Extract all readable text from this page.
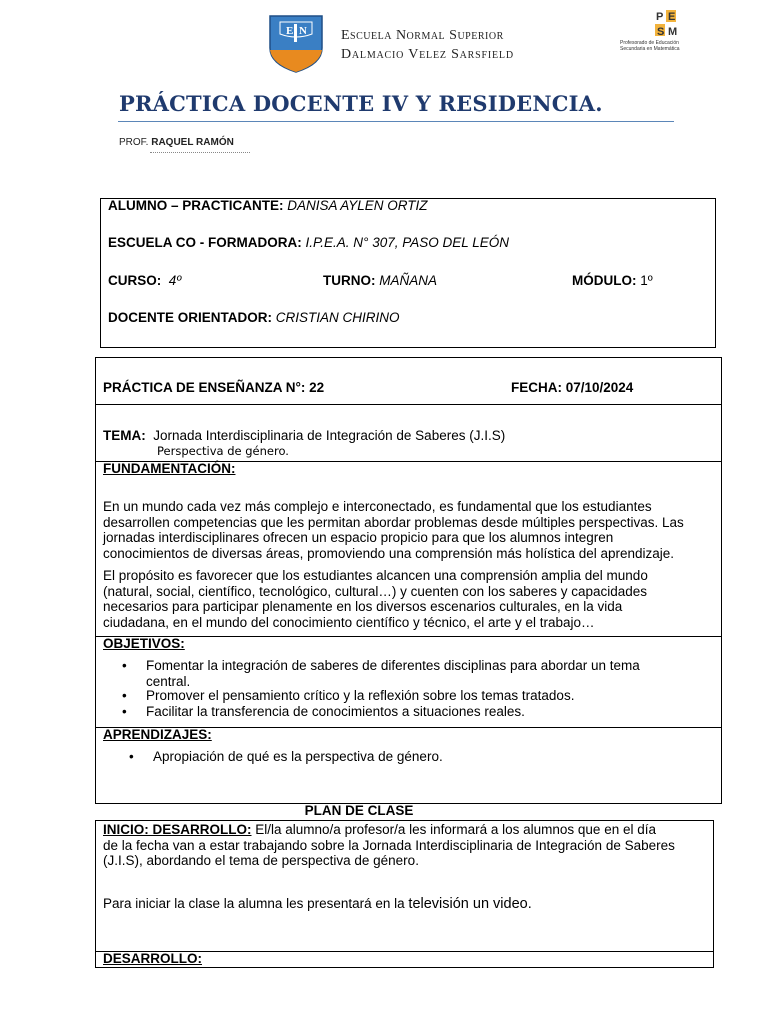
E N Escuela Normal Superior
Dalmacio Velez Sarsfield
P E
S M
Profesorado de Educación Secundaria en Matemática
PRÁCTICA DOCENTE IV Y RESIDENCIA.
PROF. RAQUEL RAMÓN
ALUMNO – PRACTICANTE: DANISA AYLEN ORTIZ
ESCUELA CO - FORMADORA: I.P.E.A. N° 307, PASO DEL LEÓN
CURSO: 4º	TURNO: MAÑANA	MÓDULO: 1º
DOCENTE ORIENTADOR: CRISTIAN CHIRINO
PRÁCTICA DE ENSEÑANZA N°: 22	FECHA: 07/10/2024
TEMA: Jornada Interdisciplinaria de Integración de Saberes (J.I.S)
Perspectiva de género.
FUNDAMENTACIÓN:
En un mundo cada vez más complejo e interconectado, es fundamental que los estudiantes
desarrollen competencias que les permitan abordar problemas desde múltiples perspectivas. Las
jornadas interdisciplinares ofrecen un espacio propicio para que los alumnos integren
conocimientos de diversas áreas, promoviendo una comprensión más holística del aprendizaje.
El propósito es favorecer que los estudiantes alcancen una comprensión amplia del mundo
(natural, social, científico, tecnológico, cultural…) y cuenten con los saberes y capacidades
necesarios para participar plenamente en los diversos escenarios culturales, en la vida
ciudadana, en el mundo del conocimiento científico y técnico, el arte y el trabajo…
OBJETIVOS:
• Fomentar la integración de saberes de diferentes disciplinas para abordar un tema
central.
• Promover el pensamiento crítico y la reflexión sobre los temas tratados.
• Facilitar la transferencia de conocimientos a situaciones reales.
APRENDIZAJES:
• Apropiación de qué es la perspectiva de género.
PLAN DE CLASE
INICIO: DESARROLLO: El/la alumno/a profesor/a les informará a los alumnos que en el día
de la fecha van a estar trabajando sobre la Jornada Interdisciplinaria de Integración de Saberes
(J.I.S), abordando el tema de perspectiva de género.
Para iniciar la clase la alumna les presentará en la televisión un video.
DESARROLLO:
